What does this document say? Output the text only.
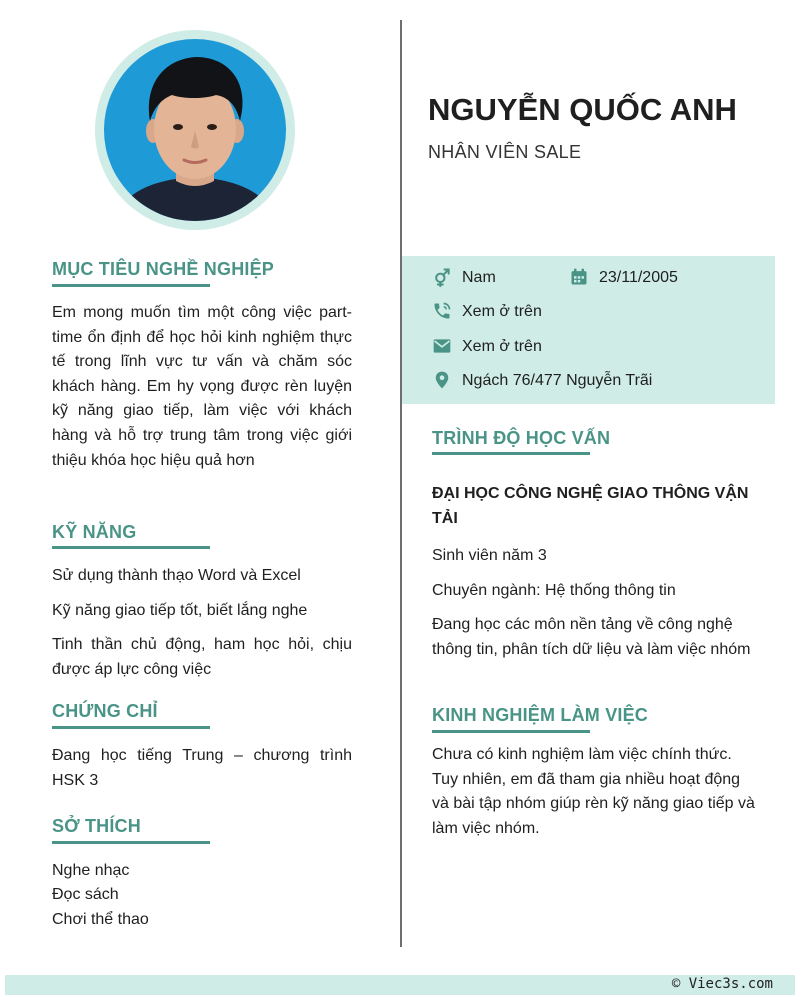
NGUYỄN QUỐC ANH
NHÂN VIÊN SALE
Nam	23/11/2005
Xem ở trên
Xem ở trên
Ngách 76/477 Nguyễn Trãi
MỤC TIÊU NGHỀ NGHIỆP
Em mong muốn tìm một công việc part-time ổn định để học hỏi kinh nghiệm thực tế trong lĩnh vực tư vấn và chăm sóc khách hàng. Em hy vọng được rèn luyện kỹ năng giao tiếp, làm việc với khách hàng và hỗ trợ trung tâm trong việc giới thiệu khóa học hiệu quả hơn
KỸ NĂNG
Sử dụng thành thạo Word và Excel
Kỹ năng giao tiếp tốt, biết lắng nghe
Tinh thần chủ động, ham học hỏi, chịu được áp lực công việc
CHỨNG CHỈ
Đang học tiếng Trung – chương trình HSK 3
SỞ THÍCH
Nghe nhạc
Đọc sách
Chơi thể thao
TRÌNH ĐỘ HỌC VẤN
ĐẠI HỌC CÔNG NGHỆ GIAO THÔNG VẬN TẢI
Sinh viên năm 3
Chuyên ngành: Hệ thống thông tin
Đang học các môn nền tảng về công nghệ thông tin, phân tích dữ liệu và làm việc nhóm
KINH NGHIỆM LÀM VIỆC
Chưa có kinh nghiệm làm việc chính thức. Tuy nhiên, em đã tham gia nhiều hoạt động và bài tập nhóm giúp rèn kỹ năng giao tiếp và làm việc nhóm.
© Viec3s.com
